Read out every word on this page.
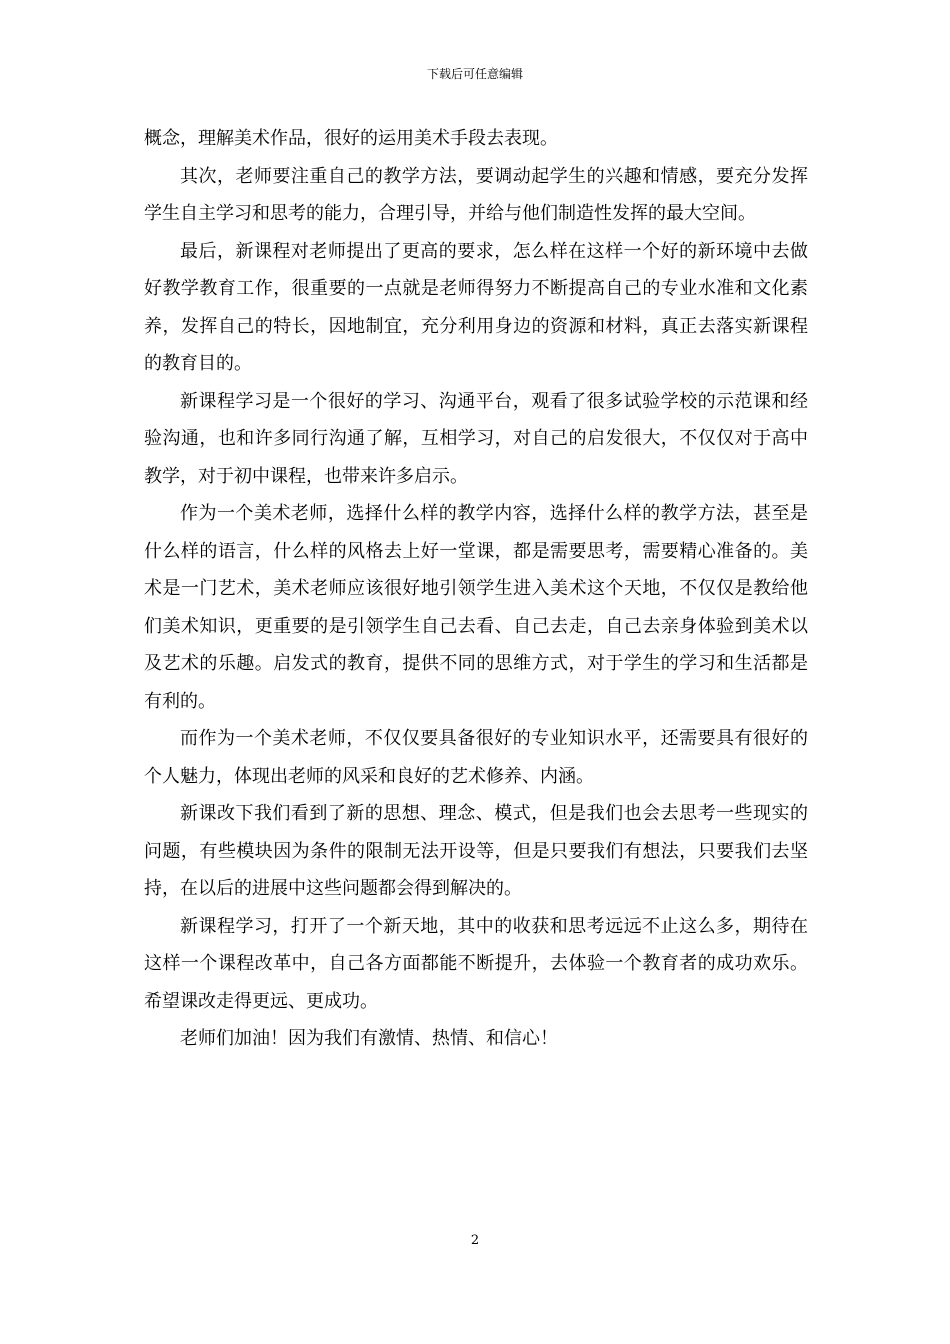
下载后可任意编辑

概念，理解美术作品，很好的运用美术手段去表现。

其次，老师要注重自己的教学方法，要调动起学生的兴趣和情感，要充分发挥学生自主学习和思考的能力，合理引导，并给与他们制造性发挥的最大空间。

最后，新课程对老师提出了更高的要求，怎么样在这样一个好的新环境中去做好教学教育工作，很重要的一点就是老师得努力不断提高自己的专业水准和文化素养，发挥自己的特长，因地制宜，充分利用身边的资源和材料，真正去落实新课程的教育目的。

新课程学习是一个很好的学习、沟通平台，观看了很多试验学校的示范课和经验沟通，也和许多同行沟通了解，互相学习，对自己的启发很大，不仅仅对于高中教学，对于初中课程，也带来许多启示。

作为一个美术老师，选择什么样的教学内容，选择什么样的教学方法，甚至是什么样的语言，什么样的风格去上好一堂课，都是需要思考，需要精心准备的。美术是一门艺术，美术老师应该很好地引领学生进入美术这个天地，不仅仅是教给他们美术知识，更重要的是引领学生自己去看、自己去走，自己去亲身体验到美术以及艺术的乐趣。启发式的教育，提供不同的思维方式，对于学生的学习和生活都是有利的。

而作为一个美术老师，不仅仅要具备很好的专业知识水平，还需要具有很好的个人魅力，体现出老师的风采和良好的艺术修养、内涵。

新课改下我们看到了新的思想、理念、模式，但是我们也会去思考一些现实的问题，有些模块因为条件的限制无法开设等，但是只要我们有想法，只要我们去坚持，在以后的进展中这些问题都会得到解决的。

新课程学习，打开了一个新天地，其中的收获和思考远远不止这么多，期待在这样一个课程改革中，自己各方面都能不断提升，去体验一个教育者的成功欢乐。希望课改走得更远、更成功。

老师们加油！因为我们有激情、热情、和信心！

2
